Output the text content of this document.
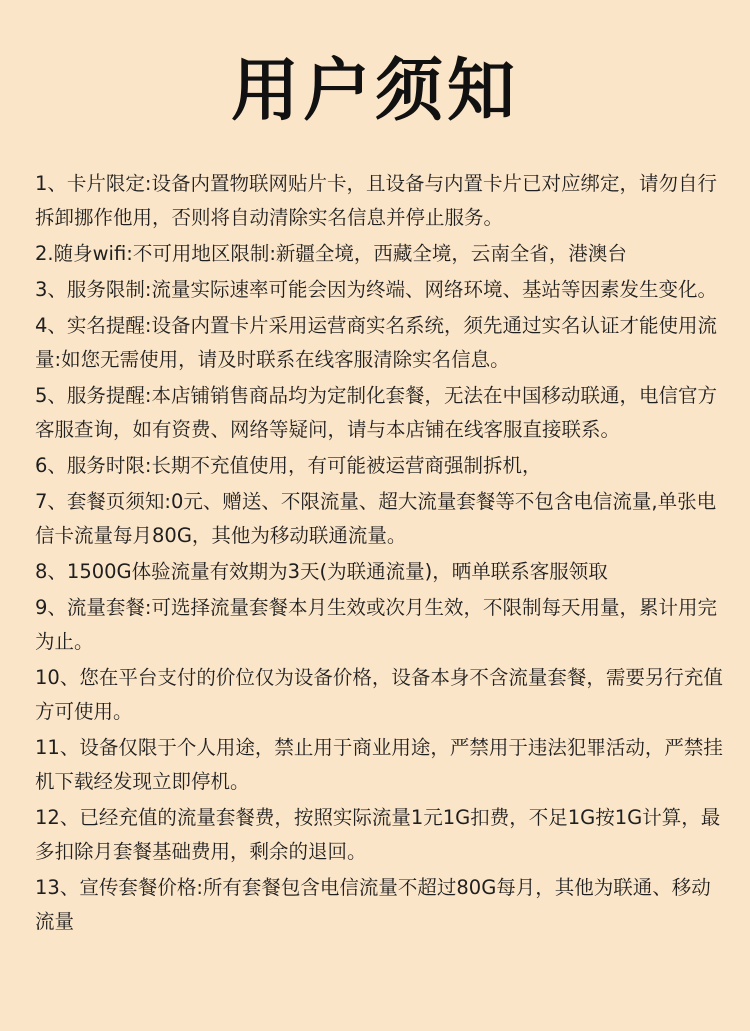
用户须知

1、卡片限定:设备内置物联网贴片卡，且设备与内置卡片已对应绑定，请勿自行拆卸挪作他用，否则将自动清除实名信息并停止服务。

2.随身wifi:不可用地区限制:新疆全境，西藏全境，云南全省，港澳台

3、服务限制:流量实际速率可能会因为终端、网络环境、基站等因素发生变化。

4、实名提醒:设备内置卡片采用运营商实名系统，须先通过实名认证才能使用流量:如您无需使用，请及时联系在线客服清除实名信息。

5、服务提醒:本店铺销售商品均为定制化套餐，无法在中国移动联通，电信官方客服查询，如有资费、网络等疑问，请与本店铺在线客服直接联系。

6、服务时限:长期不充值使用，有可能被运营商强制拆机，

7、套餐页须知:0元、赠送、不限流量、超大流量套餐等不包含电信流量,单张电信卡流量每月80G，其他为移动联通流量。

8、1500G体验流量有效期为3天(为联通流量)，晒单联系客服领取

9、流量套餐:可选择流量套餐本月生效或次月生效，不限制每天用量，累计用完为止。

10、您在平台支付的价位仅为设备价格，设备本身不含流量套餐，需要另行充值方可使用。

11、设备仅限于个人用途，禁止用于商业用途，严禁用于违法犯罪活动，严禁挂机下载经发现立即停机。

12、已经充值的流量套餐费，按照实际流量1元1G扣费，不足1G按1G计算，最多扣除月套餐基础费用，剩余的退回。

13、宣传套餐价格:所有套餐包含电信流量不超过80G每月，其他为联通、移动流量
